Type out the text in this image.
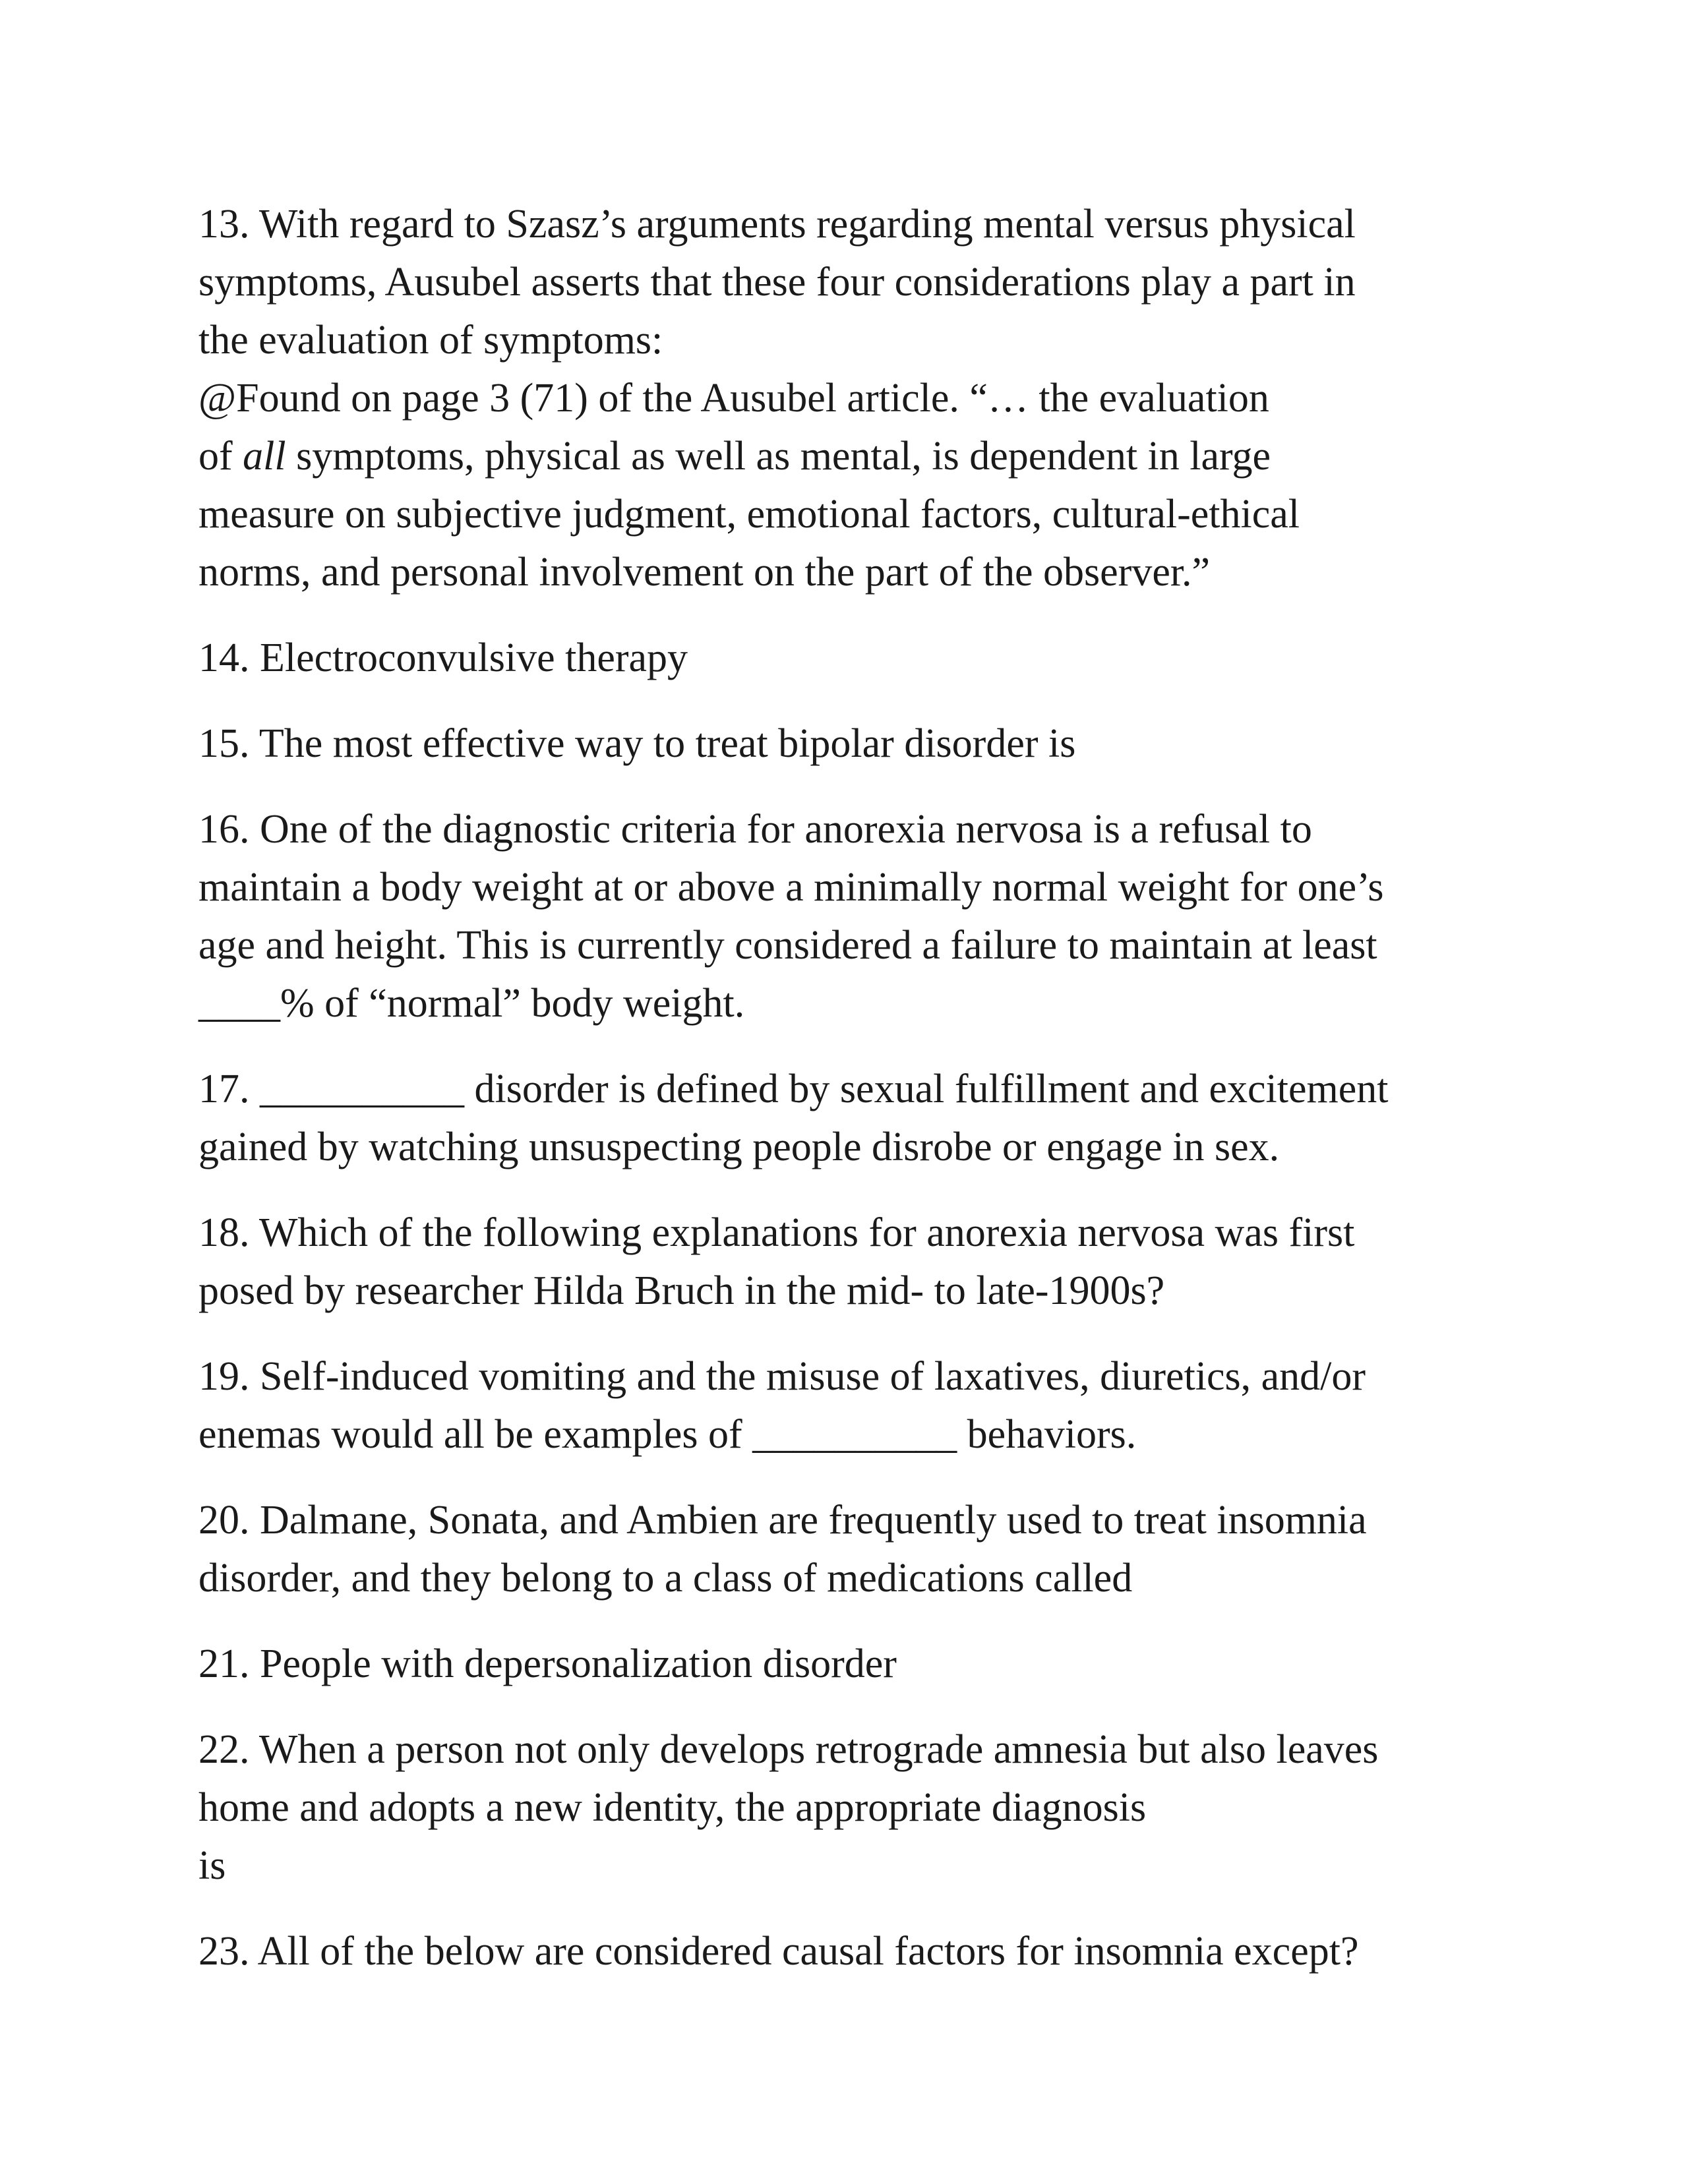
13. With regard to Szasz’s arguments regarding mental versus physical
symptoms, Ausubel asserts that these four considerations play a part in
the evaluation of symptoms:
@Found on page 3 (71) of the Ausubel article. “… the evaluation
of all symptoms, physical as well as mental, is dependent in large
measure on subjective judgment, emotional factors, cultural-ethical
norms, and personal involvement on the part of the observer.”
14. Electroconvulsive therapy
15. The most effective way to treat bipolar disorder is
16. One of the diagnostic criteria for anorexia nervosa is a refusal to
maintain a body weight at or above a minimally normal weight for one’s
age and height. This is currently considered a failure to maintain at least
____% of “normal” body weight.
17. __________ disorder is defined by sexual fulfillment and excitement
gained by watching unsuspecting people disrobe or engage in sex.
18. Which of the following explanations for anorexia nervosa was first
posed by researcher Hilda Bruch in the mid- to late-1900s?
19. Self-induced vomiting and the misuse of laxatives, diuretics, and/or
enemas would all be examples of __________ behaviors.
20. Dalmane, Sonata, and Ambien are frequently used to treat insomnia
disorder, and they belong to a class of medications called
21. People with depersonalization disorder
22. When a person not only develops retrograde amnesia but also leaves
home and adopts a new identity, the appropriate diagnosis
is
23. All of the below are considered causal factors for insomnia except?
